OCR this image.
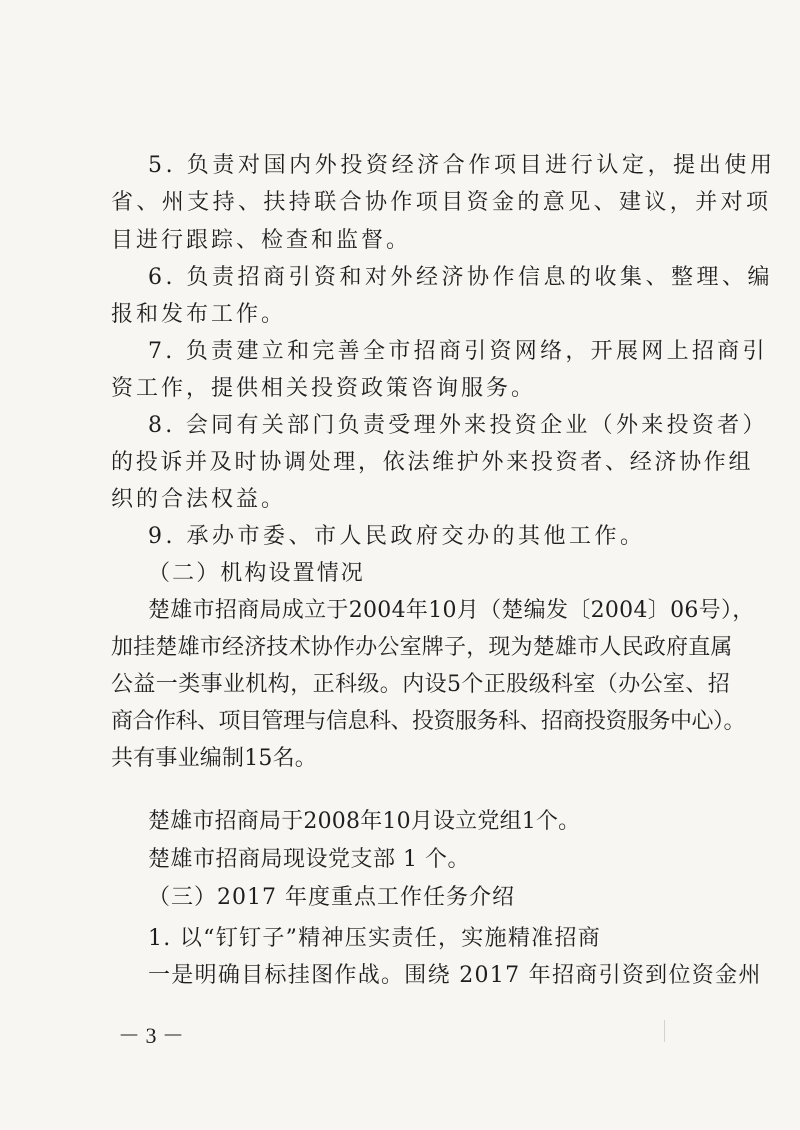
5. 负责对国内外投资经济合作项目进行认定，提出使用
省、州支持、扶持联合协作项目资金的意见、建议，并对项
目进行跟踪、检查和监督。
6. 负责招商引资和对外经济协作信息的收集、整理、编
报和发布工作。
7. 负责建立和完善全市招商引资网络，开展网上招商引
资工作，提供相关投资政策咨询服务。
8. 会同有关部门负责受理外来投资企业（外来投资者）
的投诉并及时协调处理，依法维护外来投资者、经济协作组
织的合法权益。
9. 承办市委、市人民政府交办的其他工作。
（二）机构设置情况
楚雄市招商局成立于2004年10月（楚编发〔2004〕06号），
加挂楚雄市经济技术协作办公室牌子，现为楚雄市人民政府直属
公益一类事业机构，正科级。内设5个正股级科室（办公室、招
商合作科、项目管理与信息科、投资服务科、招商投资服务中心）。
共有事业编制15名。
楚雄市招商局于2008年10月设立党组1个。
楚雄市招商局现设党支部 1 个。
（三）2017 年度重点工作任务介绍
1. 以“钉钉子”精神压实责任，实施精准招商
一是明确目标挂图作战。围绕 2017 年招商引资到位资金州
－ 3 －
